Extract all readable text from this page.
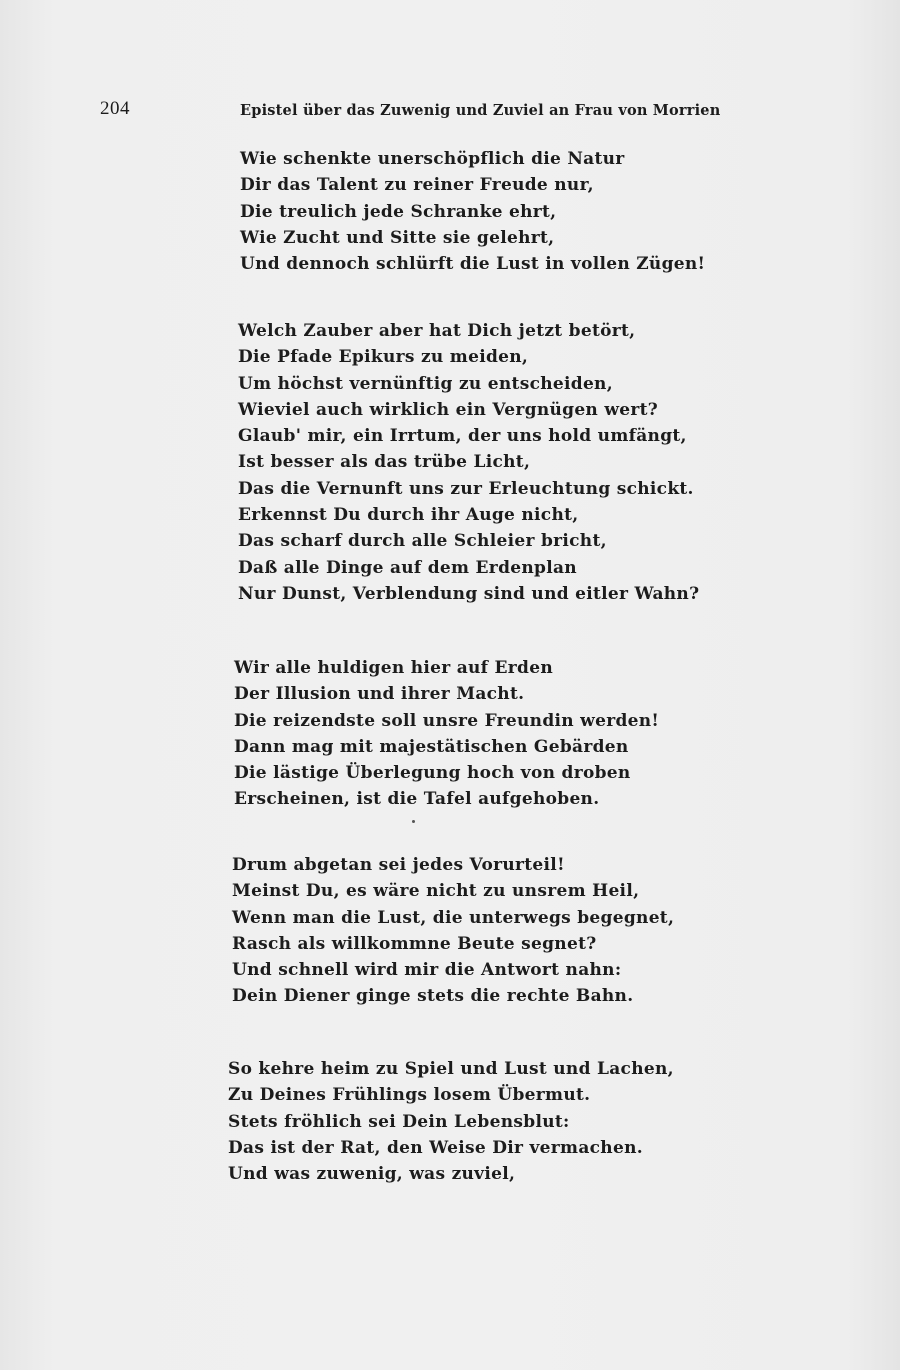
204	Epistel über das Zuwenig und Zuviel an Frau von Morrien
Wie schenkte unerschöpflich die Natur
Dir das Talent zu reiner Freude nur,
Die treulich jede Schranke ehrt,
Wie Zucht und Sitte sie gelehrt,
Und dennoch schlürft die Lust in vollen Zügen!
Welch Zauber aber hat Dich jetzt betört,
Die Pfade Epikurs zu meiden,
Um höchst vernünftig zu entscheiden,
Wieviel auch wirklich ein Vergnügen wert?
Glaub' mir, ein Irrtum, der uns hold umfängt,
Ist besser als das trübe Licht,
Das die Vernunft uns zur Erleuchtung schickt.
Erkennst Du durch ihr Auge nicht,
Das scharf durch alle Schleier bricht,
Daß alle Dinge auf dem Erdenplan
Nur Dunst, Verblendung sind und eitler Wahn?
Wir alle huldigen hier auf Erden
Der Illusion und ihrer Macht.
Die reizendste soll unsre Freundin werden!
Dann mag mit majestätischen Gebärden
Die lästige Überlegung hoch von droben
Erscheinen, ist die Tafel aufgehoben.
Drum abgetan sei jedes Vorurteil!
Meinst Du, es wäre nicht zu unsrem Heil,
Wenn man die Lust, die unterwegs begegnet,
Rasch als willkommne Beute segnet?
Und schnell wird mir die Antwort nahn:
Dein Diener ginge stets die rechte Bahn.
So kehre heim zu Spiel und Lust und Lachen,
Zu Deines Frühlings losem Übermut.
Stets fröhlich sei Dein Lebensblut:
Das ist der Rat, den Weise Dir vermachen.
Und was zuwenig, was zuviel,
